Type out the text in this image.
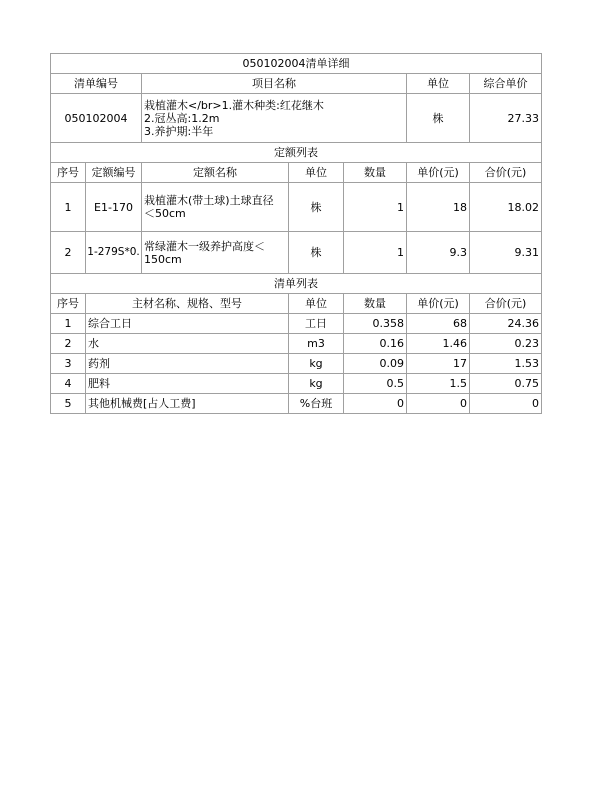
050102004清单详细						
清单编号		项目名称			单位	综合单价
050102004		栽植灌木</br>1.灌木种类:红花继木
2.冠丛高:1.2m
3.养护期:半年			株	27.33
定额列表						
序号	定额编号	定额名称	单位	数量	单价(元)	合价(元)
1	E1-170	栽植灌木(带土球)土球直径
＜50cm	株	1	18	18.02
2	1-279S*0.	常绿灌木一级养护高度＜
150cm	株	1	9.3	9.31
清单列表						
序号	主材名称、规格、型号		单位	数量	单价(元)	合价(元)
1	综合工日		工日	0.358	68	24.36
2	水		m3	0.16	1.46	0.23
3	药剂		kg	0.09	17	1.53
4	肥料		kg	0.5	1.5	0.75
5	其他机械费[占人工费]		%台班	0	0	0
